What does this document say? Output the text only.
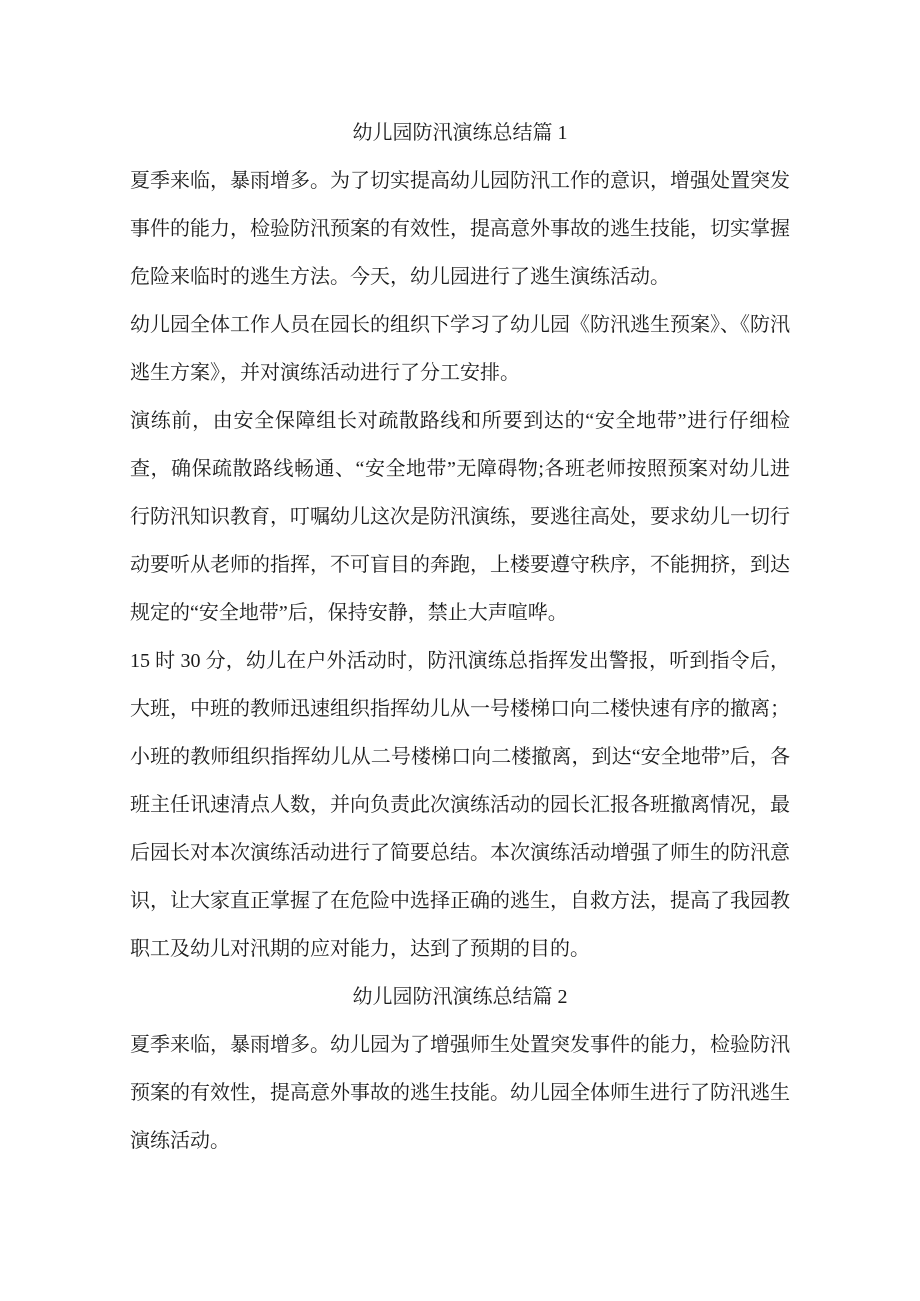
幼儿园防汛演练总结篇 1

夏季来临，暴雨增多。为了切实提高幼儿园防汛工作的意识，增强处置突发事件的能力，检验防汛预案的有效性，提高意外事故的逃生技能，切实掌握危险来临时的逃生方法。今天，幼儿园进行了逃生演练活动。

幼儿园全体工作人员在园长的组织下学习了幼儿园《防汛逃生预案》、《防汛逃生方案》，并对演练活动进行了分工安排。

演练前，由安全保障组长对疏散路线和所要到达的“安全地带”进行仔细检查，确保疏散路线畅通、“安全地带”无障碍物;各班老师按照预案对幼儿进行防汛知识教育，叮嘱幼儿这次是防汛演练，要逃往高处，要求幼儿一切行动要听从老师的指挥，不可盲目的奔跑，上楼要遵守秩序，不能拥挤，到达规定的“安全地带”后，保持安静，禁止大声喧哗。

15 时 30 分，幼儿在户外活动时，防汛演练总指挥发出警报，听到指令后，大班，中班的教师迅速组织指挥幼儿从一号楼梯口向二楼快速有序的撤离；小班的教师组织指挥幼儿从二号楼梯口向二楼撤离，到达“安全地带”后，各班主任讯速清点人数，并向负责此次演练活动的园长汇报各班撤离情况，最后园长对本次演练活动进行了简要总结。本次演练活动增强了师生的防汛意识，让大家直正掌握了在危险中选择正确的逃生，自救方法，提高了我园教职工及幼儿对汛期的应对能力，达到了预期的目的。

幼儿园防汛演练总结篇 2

夏季来临，暴雨增多。幼儿园为了增强师生处置突发事件的能力，检验防汛预案的有效性，提高意外事故的逃生技能。幼儿园全体师生进行了防汛逃生演练活动。
